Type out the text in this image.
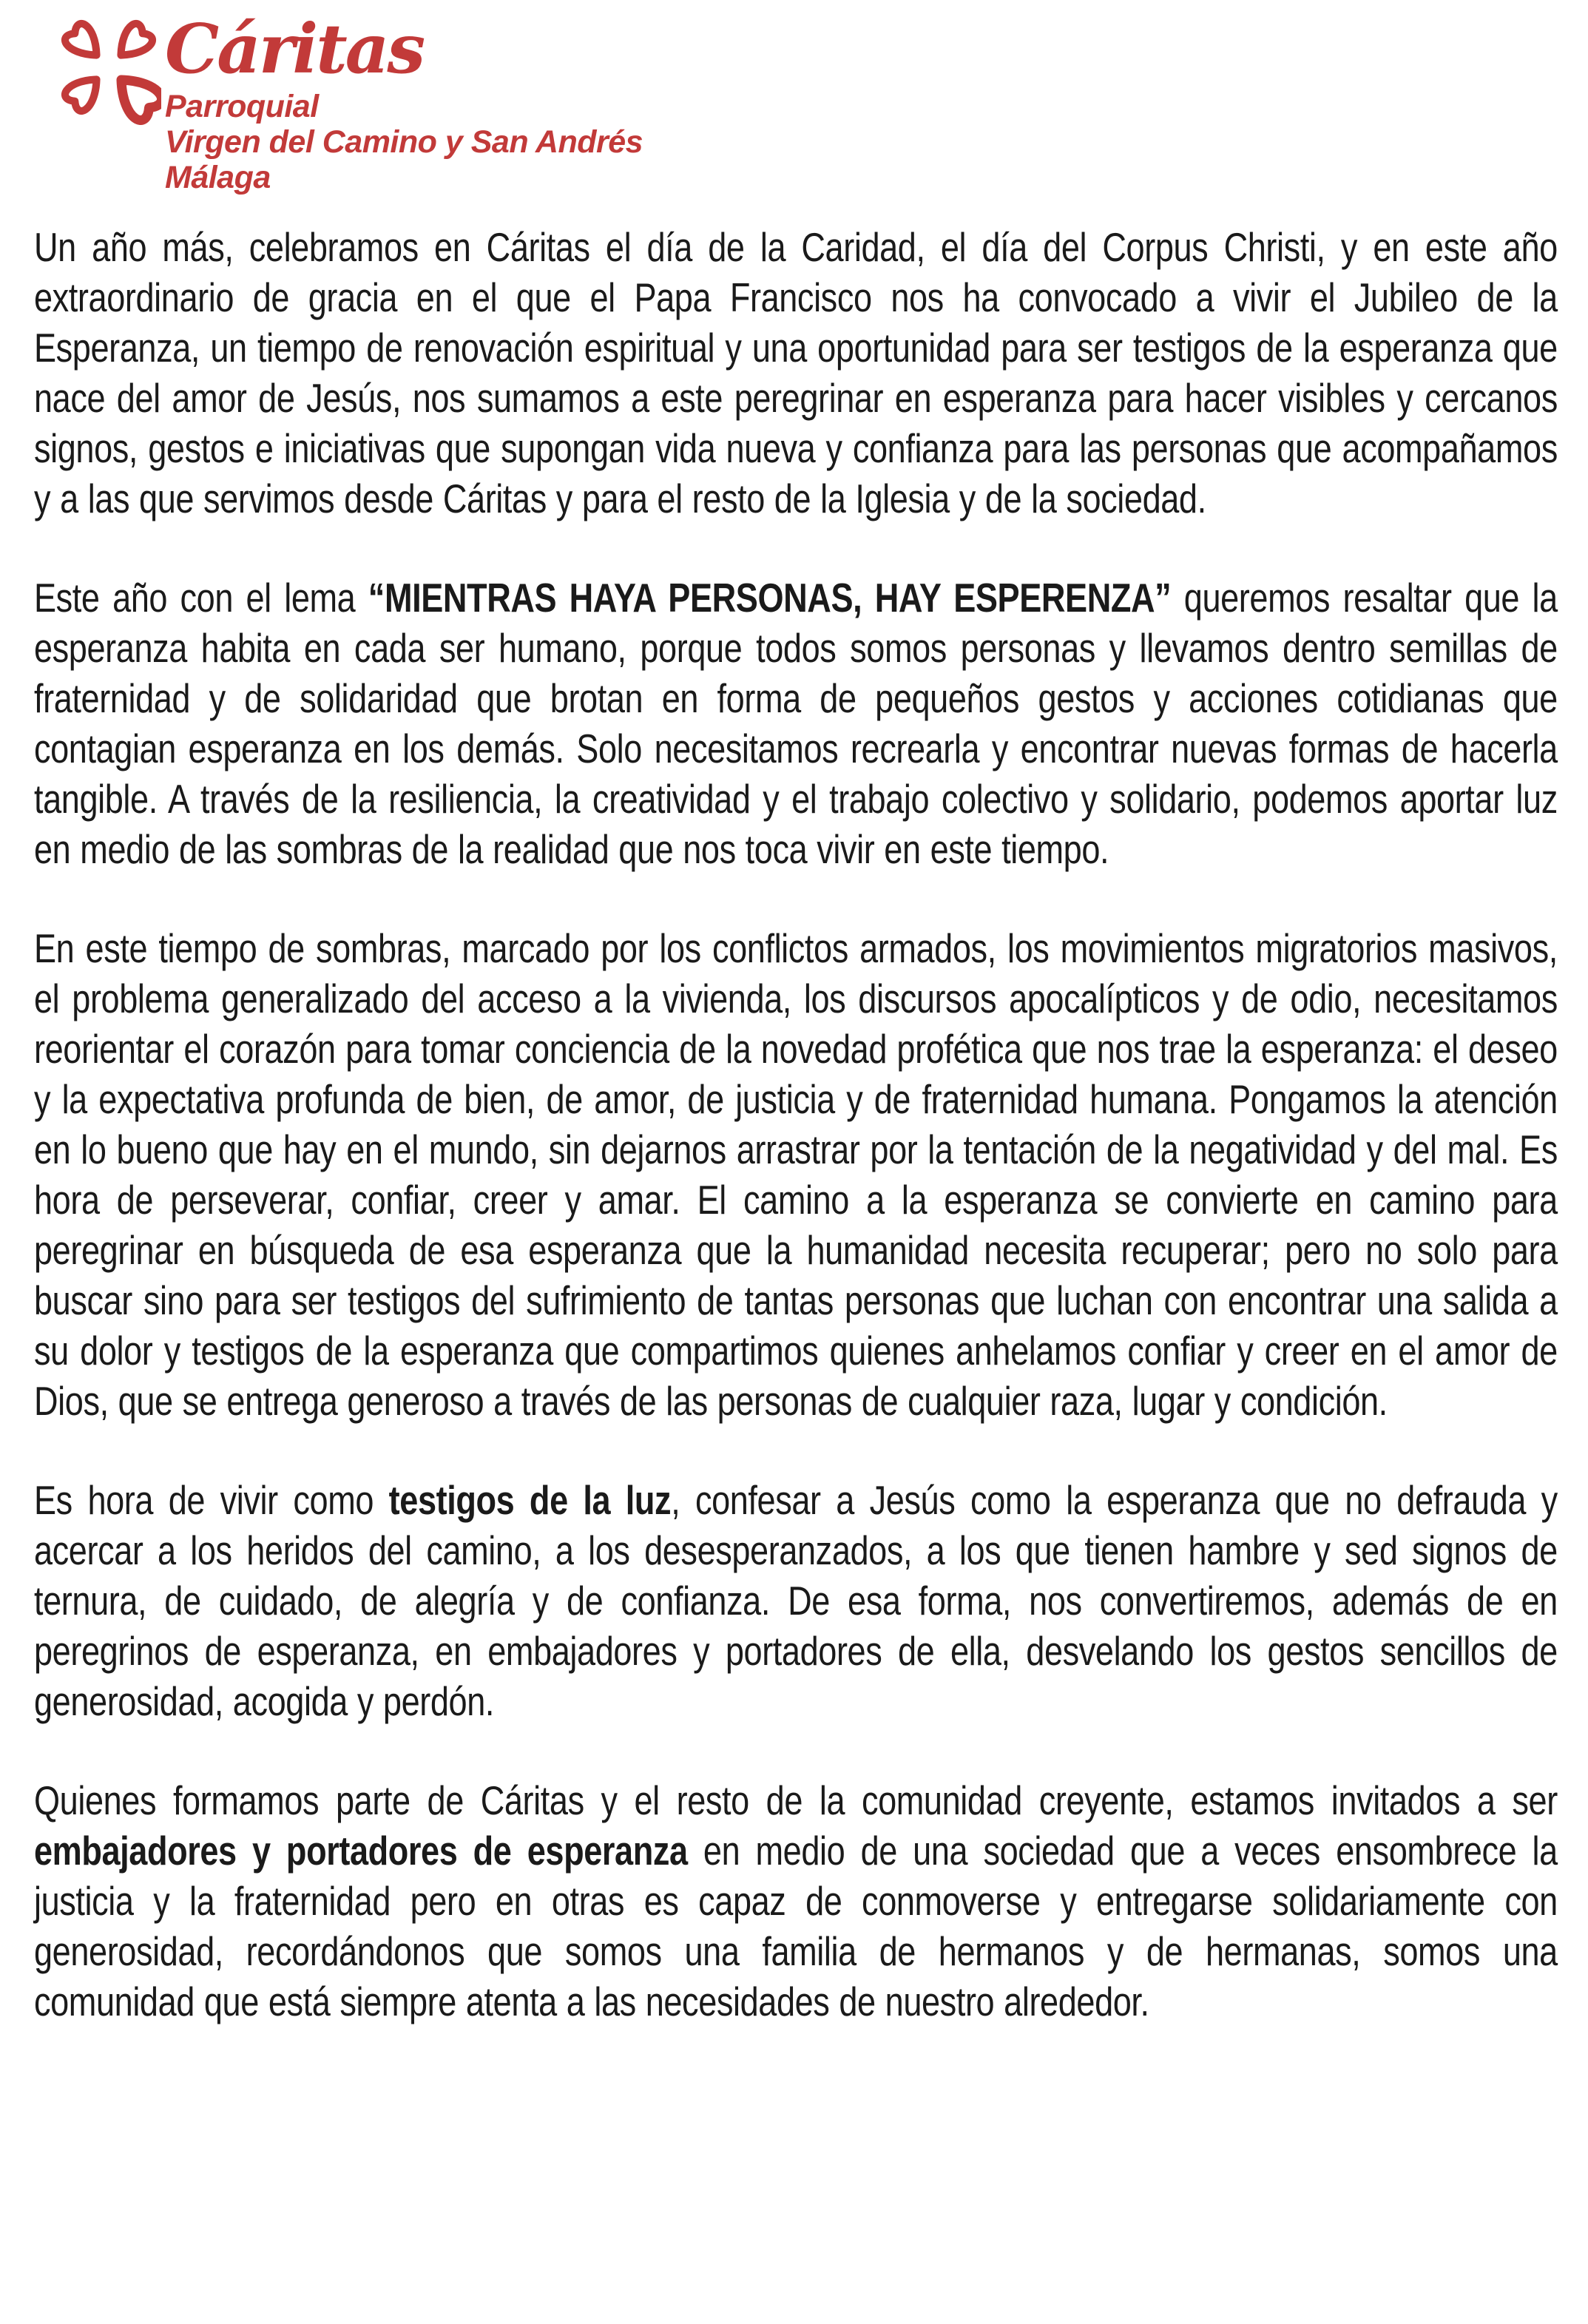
Cáritas
Parroquial
Virgen del Camino y San Andrés
Málaga

Un año más, celebramos en Cáritas el día de la Caridad, el día del Corpus Christi, y en este año extraordinario de gracia en el que el Papa Francisco nos ha convocado a vivir el Jubileo de la Esperanza, un tiempo de renovación espiritual y una oportunidad para ser testigos de la esperanza que nace del amor de Jesús, nos sumamos a este peregrinar en esperanza para hacer visibles y cercanos signos, gestos e iniciativas que supongan vida nueva y confianza para las personas que acompañamos y a las que servimos desde Cáritas y para el resto de la Iglesia y de la sociedad.

Este año con el lema “MIENTRAS HAYA PERSONAS, HAY ESPERENZA” queremos resaltar que la esperanza habita en cada ser humano, porque todos somos personas y llevamos dentro semillas de fraternidad y de solidaridad que brotan en forma de pequeños gestos y acciones cotidianas que contagian esperanza en los demás. Solo necesitamos recrearla y encontrar nuevas formas de hacerla tangible. A través de la resiliencia, la creatividad y el trabajo colectivo y solidario, podemos aportar luz en medio de las sombras de la realidad que nos toca vivir en este tiempo.

En este tiempo de sombras, marcado por los conflictos armados, los movimientos migratorios masivos, el problema generalizado del acceso a la vivienda, los discursos apocalípticos y de odio, necesitamos reorientar el corazón para tomar conciencia de la novedad profética que nos trae la esperanza: el deseo y la expectativa profunda de bien, de amor, de justicia y de fraternidad humana. Pongamos la atención en lo bueno que hay en el mundo, sin dejarnos arrastrar por la tentación de la negatividad y del mal. Es hora de perseverar, confiar, creer y amar. El camino a la esperanza se convierte en camino para peregrinar en búsqueda de esa esperanza que la humanidad necesita recuperar; pero no solo para buscar sino para ser testigos del sufrimiento de tantas personas que luchan con encontrar una salida a su dolor y testigos de la esperanza que compartimos quienes anhelamos confiar y creer en el amor de Dios, que se entrega generoso a través de las personas de cualquier raza, lugar y condición.

Es hora de vivir como testigos de la luz, confesar a Jesús como la esperanza que no defrauda y acercar a los heridos del camino, a los desesperanzados, a los que tienen hambre y sed signos de ternura, de cuidado, de alegría y de confianza. De esa forma, nos convertiremos, además de en peregrinos de esperanza, en embajadores y portadores de ella, desvelando los gestos sencillos de generosidad, acogida y perdón.

Quienes formamos parte de Cáritas y el resto de la comunidad creyente, estamos invitados a ser embajadores y portadores de esperanza en medio de una sociedad que a veces ensombrece la justicia y la fraternidad pero en otras es capaz de conmoverse y entregarse solidariamente con generosidad, recordándonos que somos una familia de hermanos y de hermanas, somos una comunidad que está siempre atenta a las necesidades de nuestro alrededor.
